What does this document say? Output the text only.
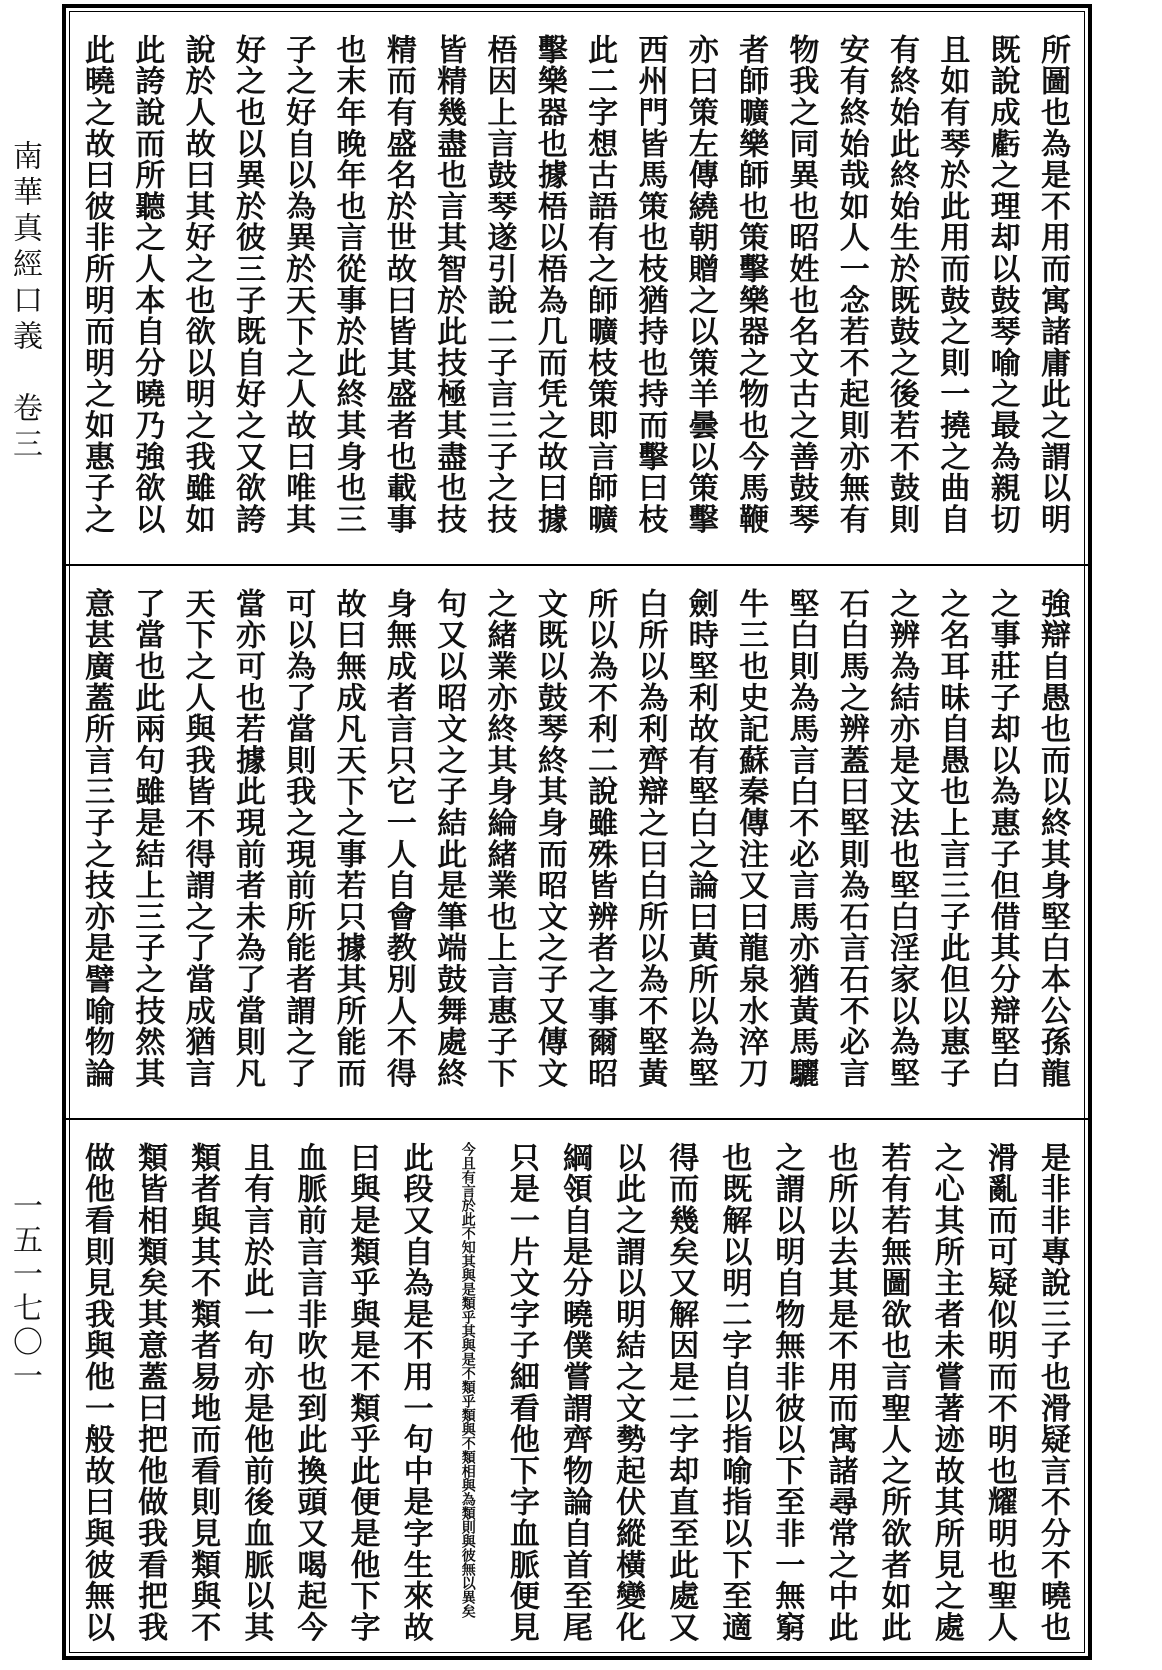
南華真經口義　卷三
一五一七〇一
所圖也為是不用而寓諸庸此之謂以明
既說成虧之理却以鼓琴喻之最為親切
且如有琴於此用而鼓之則一撓之曲自
有終始此終始生於既鼓之後若不鼓則
安有終始哉如人一念若不起則亦無有
物我之同異也昭姓也名文古之善鼓琴
者師曠樂師也策擊樂器之物也今馬鞭
亦曰策左傳繞朝贈之以策羊曇以策擊
西州門皆馬策也枝猶持也持而擊曰枝
此二字想古語有之師曠枝策即言師曠
擊樂器也據梧以梧為几而凭之故曰據
梧因上言鼓琴遂引說二子言三子之技
皆精幾盡也言其智於此技極其盡也技
精而有盛名於世故曰皆其盛者也載事
也末年晚年也言從事於此終其身也三
子之好自以為異於天下之人故曰唯其
好之也以異於彼三子既自好之又欲誇
說於人故曰其好之也欲以明之我雖如
此誇說而所聽之人本自分曉乃強欲以
此曉之故曰彼非所明而明之如惠子之
強辯自愚也而以終其身堅白本公孫龍
之事莊子却以為惠子但借其分辯堅白
之名耳昧自愚也上言三子此但以惠子
之辨為結亦是文法也堅白淫家以為堅
石白馬之辨蓋曰堅則為石言石不必言
堅白則為馬言白不必言馬亦猶黃馬驪
牛三也史記蘇秦傳注又曰龍泉水淬刀
劍時堅利故有堅白之論曰黃所以為堅
白所以為利齊辯之曰白所以為不堅黃
所以為不利二說雖殊皆辨者之事爾昭
文既以鼓琴終其身而昭文之子又傳文
之緒業亦終其身綸緒業也上言惠子下
句又以昭文之子結此是筆端鼓舞處終
身無成者言只它一人自會教別人不得
故曰無成凡天下之事若只據其所能而
可以為了當則我之現前所能者謂之了
當亦可也若據此現前者未為了當則凡
天下之人與我皆不得謂之了當成猶言
了當也此兩句雖是結上三子之技然其
意甚廣蓋所言三子之技亦是譬喻物論
是非非專說三子也滑疑言不分不曉也
滑亂而可疑似明而不明也耀明也聖人
之心其所主者未嘗著迹故其所見之處
若有若無圖欲也言聖人之所欲者如此
也所以去其是不用而寓諸尋常之中此
之謂以明自物無非彼以下至非一無窮
也既解以明二字自以指喻指以下至適
得而幾矣又解因是二字却直至此處又
以此之謂以明結之文勢起伏縱橫變化
綱領自是分曉僕嘗謂齊物論自首至尾
只是一片文字子細看他下字血脈便見
今且有言於此不知其與是類乎其與是不類乎類與不類相與為類則與彼無以異矣
此段又自為是不用一句中是字生來故
曰與是類乎與是不類乎此便是他下字
血脈前言言非吹也到此換頭又喝起今
且有言於此一句亦是他前後血脈以其
類者與其不類者易地而看則見類與不
類皆相類矣其意蓋曰把他做我看把我
做他看則見我與他一般故曰與彼無以
